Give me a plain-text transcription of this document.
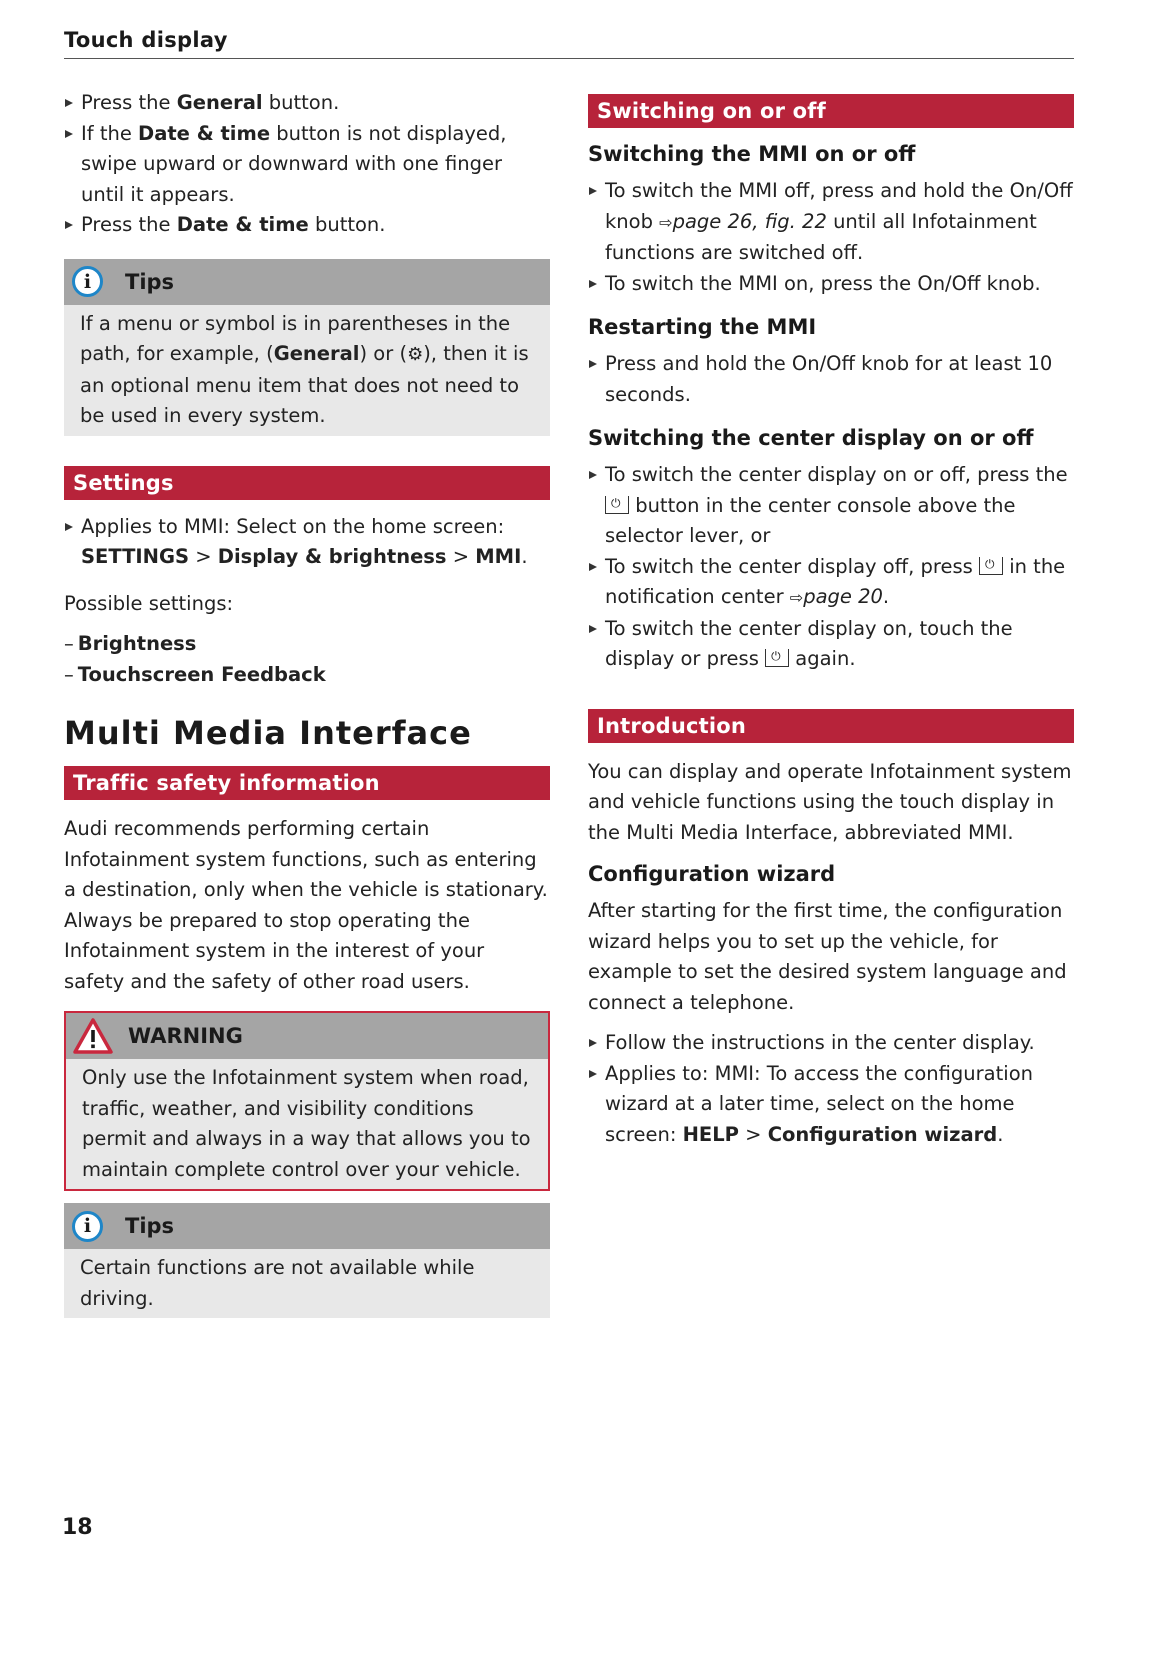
Touch display
Press the General button.
If the Date & time button is not displayed, swipe upward or downward with one finger until it appears.
Press the Date & time button.
i	Tips

If a menu or symbol is in parentheses in the path, for example, (General) or (⚙), then it is an optional menu item that does not need to be used in every system.

Settings
Applies to MMI: Select on the home screen: SETTINGS > Display & brightness > MMI.

Possible settings:

– Brightness
– Touchscreen Feedback
Multi Media Interface
Traffic safety information

Audi recommends performing certain Infotainment system functions, such as entering a destination, only when the vehicle is stationary. Always be prepared to stop operating the Infotainment system in the interest of your safety and the safety of other road users.

WARNING

Only use the Infotainment system when road, traffic, weather, and visibility conditions permit and always in a way that allows you to maintain complete control over your vehicle.

i	Tips

Certain functions are not available while driving.

Switching on or off
Switching the MMI on or off
To switch the MMI off, press and hold the On/Off knob ⇨page 26, fig. 22 until all Infotainment functions are switched off.
To switch the MMI on, press the On/Off knob.
Restarting the MMI
Press and hold the On/Off knob for at least 10 seconds.
Switching the center display on or off
To switch the center display on or off, press the ⏻ button in the center console above the selector lever, or
To switch the center display off, press ⏻ in the notification center ⇨page 20.
To switch the center display on, touch the display or press ⏻ again.
Introduction

You can display and operate Infotainment system and vehicle functions using the touch display in the Multi Media Interface, abbreviated MMI.

Configuration wizard

After starting for the first time, the configuration wizard helps you to set up the vehicle, for example to set the desired system language and connect a telephone.

Follow the instructions in the center display.
Applies to: MMI: To access the configuration wizard at a later time, select on the home screen: HELP > Configuration wizard.
18
